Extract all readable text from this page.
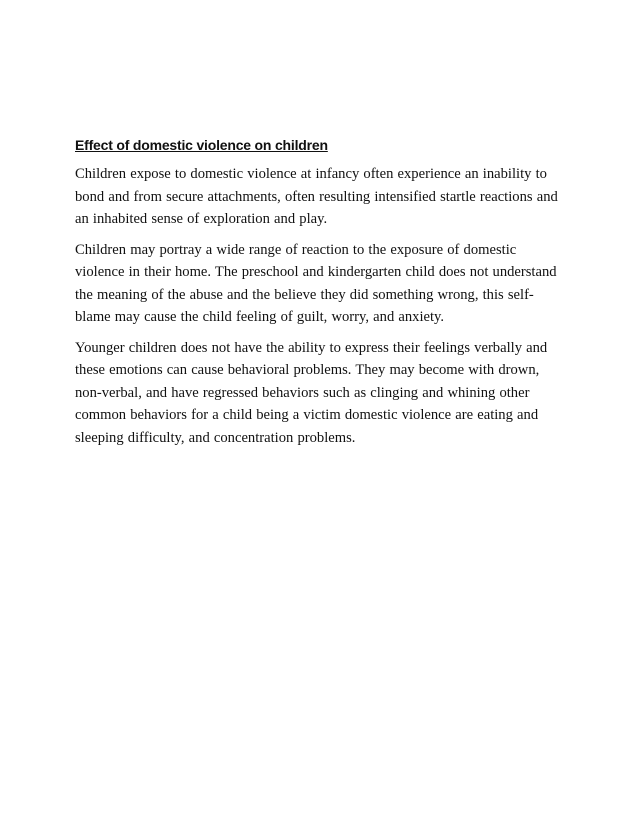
Effect of domestic violence on children

Children expose to domestic violence at infancy often experience an inability to
bond and from secure attachments, often resulting intensified startle reactions and
an inhabited sense of exploration and play.

Children may portray a wide range of reaction to the exposure of domestic
violence in their home. The preschool and kindergarten child does not understand
the meaning of the abuse and the believe they did something wrong, this self-
blame may cause the child feeling of guilt, worry, and anxiety.

Younger children does not have the ability to express their feelings verbally and
these emotions can cause behavioral problems. They may become with drown,
non-verbal, and have regressed behaviors such as clinging and whining other
common behaviors for a child being a victim domestic violence are eating and
sleeping difficulty, and concentration problems.
